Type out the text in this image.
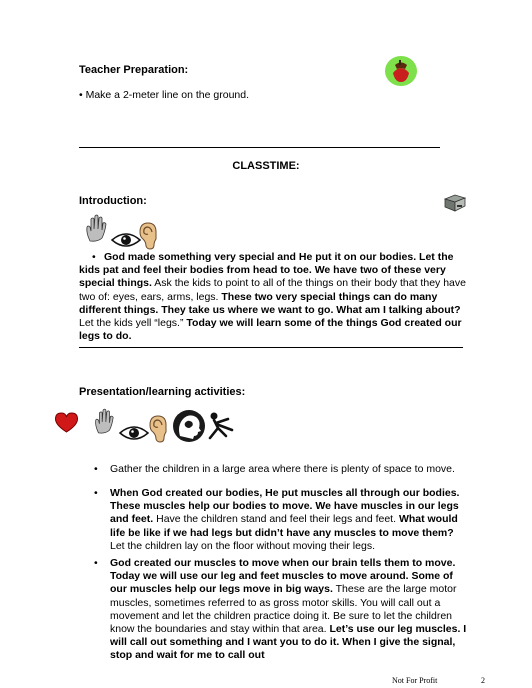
Teacher Preparation:
• Make a 2-meter line on the ground.
CLASSTIME:
Introduction:
• God made something very special and He put it on our bodies. Let the kids pat and feel their bodies from head to toe. We have two of these very special things. Ask the kids to point to all of the things on their body that they have two of: eyes, ears, arms, legs. These two very special things can do many different things. They take us where we want to go. What am I talking about? Let the kids yell “legs.” Today we will learn some of the things God created our legs to do.
Presentation/learning activities:
•	Gather the children in a large area where there is plenty of space to move.
•	When God created our bodies, He put muscles all through our bodies. These muscles help our bodies to move. We have muscles in our legs and feet. Have the children stand and feel their legs and feet. What would life be like if we had legs but didn’t have any muscles to move them? Let the children lay on the floor without moving their legs.
•	God created our muscles to move when our brain tells them to move. Today we will use our leg and feet muscles to move around. Some of our muscles help our legs move in big ways. These are the large motor muscles, sometimes referred to as gross motor skills. You will call out a movement and let the children practice doing it. Be sure to let the children know the boundaries and stay within that area. Let’s use our leg muscles. I will call out something and I want you to do it. When I give the signal, stop and wait for me to call out
Not For Profit	2
